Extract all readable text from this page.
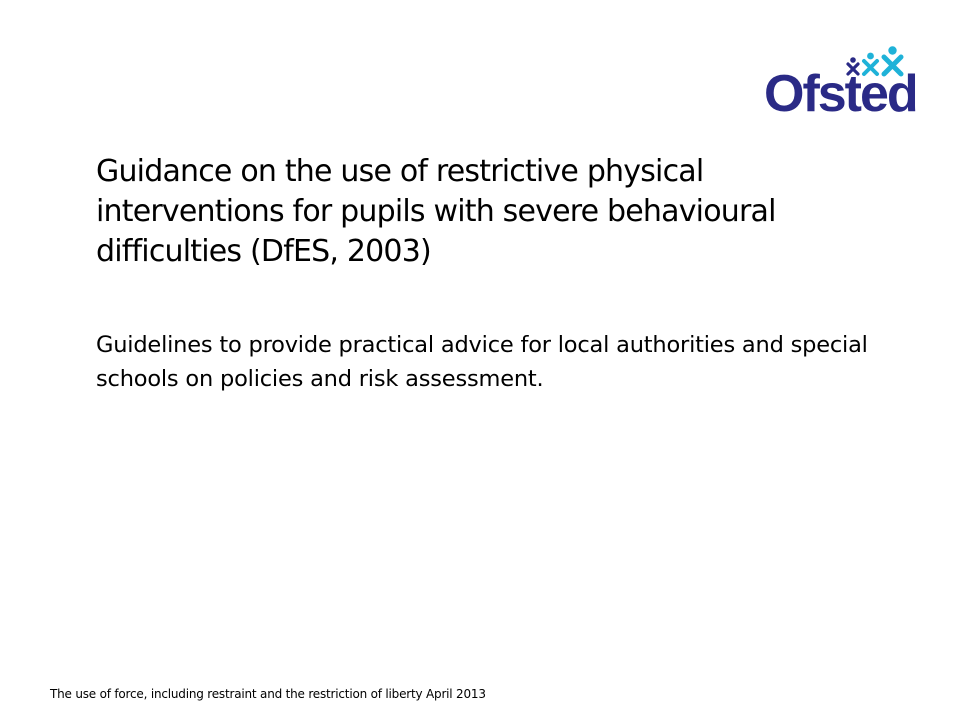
Ofsted
Guidance on the use of restrictive physical interventions for pupils with severe behavioural difficulties (DfES, 2003)

Guidelines to provide practical advice for local authorities and special schools on policies and risk assessment.

The use of force, including restraint and the restriction of liberty April 2013
